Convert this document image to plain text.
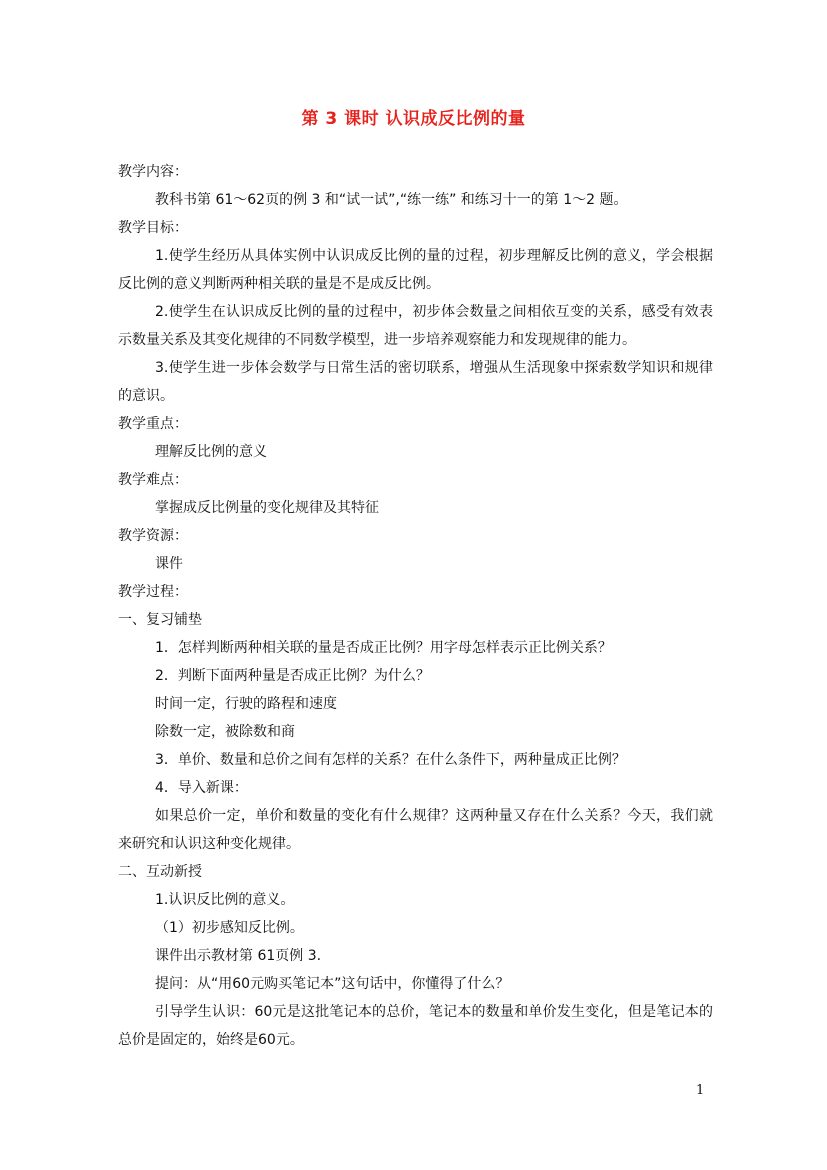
第 3 课时 认识成反比例的量
教学内容：
教科书第 61～62页的例 3 和“试一试”,“练一练” 和练习十一的第 1～2 题。
教学目标：
1.使学生经历从具体实例中认识成反比例的量的过程，初步理解反比例的意义，学会根据反比例的意义判断两种相关联的量是不是成反比例。
2.使学生在认识成反比例的量的过程中，初步体会数量之间相依互变的关系，感受有效表示数量关系及其变化规律的不同数学模型，进一步培养观察能力和发现规律的能力。
3.使学生进一步体会数学与日常生活的密切联系，增强从生活现象中探索数学知识和规律的意识。
教学重点：
理解反比例的意义
教学难点：
掌握成反比例量的变化规律及其特征
教学资源：
课件
教学过程：
一、复习铺垫
1．怎样判断两种相关联的量是否成正比例？用字母怎样表示正比例关系？
2．判断下面两种量是否成正比例？为什么？
时间一定，行驶的路程和速度
除数一定，被除数和商
3．单价、数量和总价之间有怎样的关系？在什么条件下，两种量成正比例？
4．导入新课：
如果总价一定，单价和数量的变化有什么规律？这两种量又存在什么关系？今天，我们就来研究和认识这种变化规律。
二、互动新授
1.认识反比例的意义。
（1）初步感知反比例。
课件出示教材第 61页例 3.
提问：从“用60元购买笔记本”这句话中，你懂得了什么？
引导学生认识：60元是这批笔记本的总价，笔记本的数量和单价发生变化，但是笔记本的总价是固定的，始终是60元。
1
